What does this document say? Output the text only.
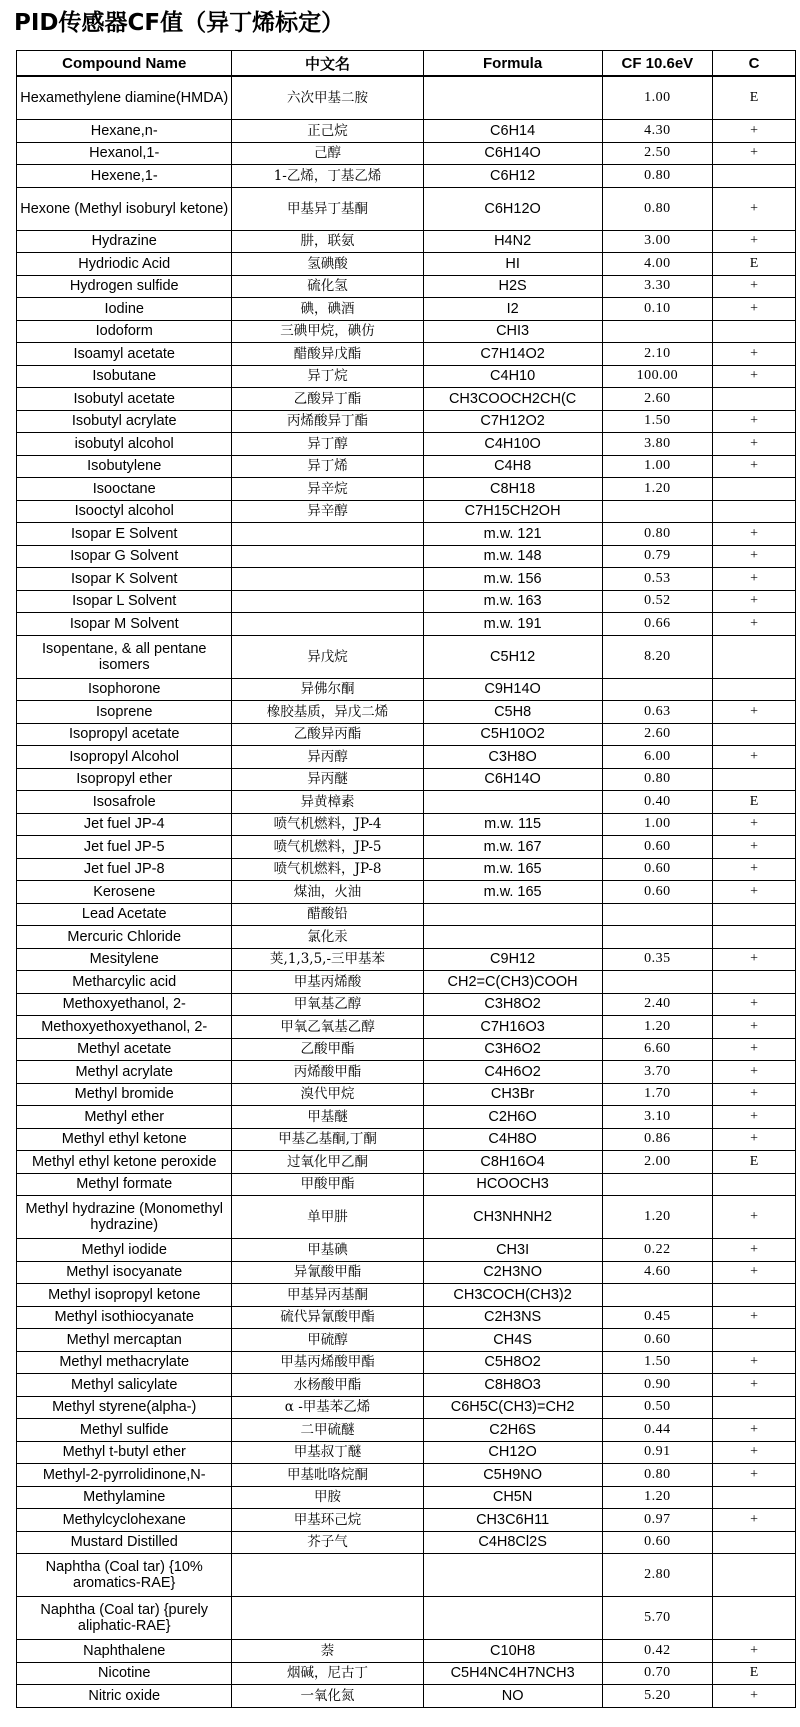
PID传感器CF值（异丁烯标定）
Compound Name	中文名	Formula	CF 10.6eV	C
Hexamethylene diamine(HMDA)	六次甲基二胺		1.00	E
Hexane,n-	正己烷	C6H14	4.30	+
Hexanol,1-	己醇	C6H14O	2.50	+
Hexene,1-	1-乙烯，丁基乙烯	C6H12	0.80	
Hexone (Methyl isoburyl ketone)	甲基异丁基酮	C6H12O	0.80	+
Hydrazine	肼，联氨	H4N2	3.00	+
Hydriodic Acid	氢碘酸	HI	4.00	E
Hydrogen sulfide	硫化氢	H2S	3.30	+
Iodine	碘，碘酒	I2	0.10	+
Iodoform	三碘甲烷，碘仿	CHI3		
Isoamyl acetate	醋酸异戊酯	C7H14O2	2.10	+
Isobutane	异丁烷	C4H10	100.00	+
Isobutyl acetate	乙酸异丁酯	CH3COOCH2CH(C	2.60	
Isobutyl acrylate	丙烯酸异丁酯	C7H12O2	1.50	+
isobutyl alcohol	异丁醇	C4H10O	3.80	+
Isobutylene	异丁烯	C4H8	1.00	+
Isooctane	异辛烷	C8H18	1.20	
Isooctyl alcohol	异辛醇	C7H15CH2OH		
Isopar E Solvent		m.w. 121	0.80	+
Isopar G Solvent		m.w. 148	0.79	+
Isopar K Solvent		m.w. 156	0.53	+
Isopar L Solvent		m.w. 163	0.52	+
Isopar M Solvent		m.w. 191	0.66	+
Isopentane, & all pentane isomers	异戊烷	C5H12	8.20	
Isophorone	异佛尔酮	C9H14O		
Isoprene	橡胶基质，异戊二烯	C5H8	0.63	+
Isopropyl acetate	乙酸异丙酯	C5H10O2	2.60	
Isopropyl Alcohol	异丙醇	C3H8O	6.00	+
Isopropyl ether	异丙醚	C6H14O	0.80	
Isosafrole	异黄樟素		0.40	E
Jet fuel JP-4	喷气机燃料，JP-4	m.w. 115	1.00	+
Jet fuel JP-5	喷气机燃料，JP-5	m.w. 167	0.60	+
Jet fuel JP-8	喷气机燃料，JP-8	m.w. 165	0.60	+
Kerosene	煤油，火油	m.w. 165	0.60	+
Lead Acetate	醋酸铅			
Mercuric Chloride	氯化汞			
Mesitylene	荚,1,3,5,-三甲基苯	C9H12	0.35	+
Metharcylic acid	甲基丙烯酸	CH2=C(CH3)COOH		
Methoxyethanol, 2-	甲氧基乙醇	C3H8O2	2.40	+
Methoxyethoxyethanol, 2-	甲氧乙氧基乙醇	C7H16O3	1.20	+
Methyl acetate	乙酸甲酯	C3H6O2	6.60	+
Methyl acrylate	丙烯酸甲酯	C4H6O2	3.70	+
Methyl bromide	溴代甲烷	CH3Br	1.70	+
Methyl ether	甲基醚	C2H6O	3.10	+
Methyl ethyl ketone	甲基乙基酮,丁酮	C4H8O	0.86	+
Methyl ethyl ketone peroxide	过氧化甲乙酮	C8H16O4	2.00	E
Methyl formate	甲酸甲酯	HCOOCH3		
Methyl hydrazine (Monomethyl hydrazine)	单甲肼	CH3NHNH2	1.20	+
Methyl iodide	甲基碘	CH3I	0.22	+
Methyl isocyanate	异氰酸甲酯	C2H3NO	4.60	+
Methyl isopropyl ketone	甲基异丙基酮	CH3COCH(CH3)2		
Methyl isothiocyanate	硫代异氰酸甲酯	C2H3NS	0.45	+
Methyl mercaptan	甲硫醇	CH4S	0.60	
Methyl methacrylate	甲基丙烯酸甲酯	C5H8O2	1.50	+
Methyl salicylate	水杨酸甲酯	C8H8O3	0.90	+
Methyl styrene(alpha-)	α -甲基苯乙烯	C6H5C(CH3)=CH2	0.50	
Methyl sulfide	二甲硫醚	C2H6S	0.44	+
Methyl t-butyl ether	甲基叔丁醚	CH12O	0.91	+
Methyl-2-pyrrolidinone,N-	甲基吡咯烷酮	C5H9NO	0.80	+
Methylamine	甲胺	CH5N	1.20	
Methylcyclohexane	甲基环己烷	CH3C6H11	0.97	+
Mustard Distilled	芥子气	C4H8Cl2S	0.60	
Naphtha (Coal tar) {10% aromatics-RAE}			2.80	
Naphtha (Coal tar) {purely aliphatic-RAE}			5.70	
Naphthalene	萘	C10H8	0.42	+
Nicotine	烟碱，尼古丁	C5H4NC4H7NCH3	0.70	E
Nitric oxide	一氧化氮	NO	5.20	+
